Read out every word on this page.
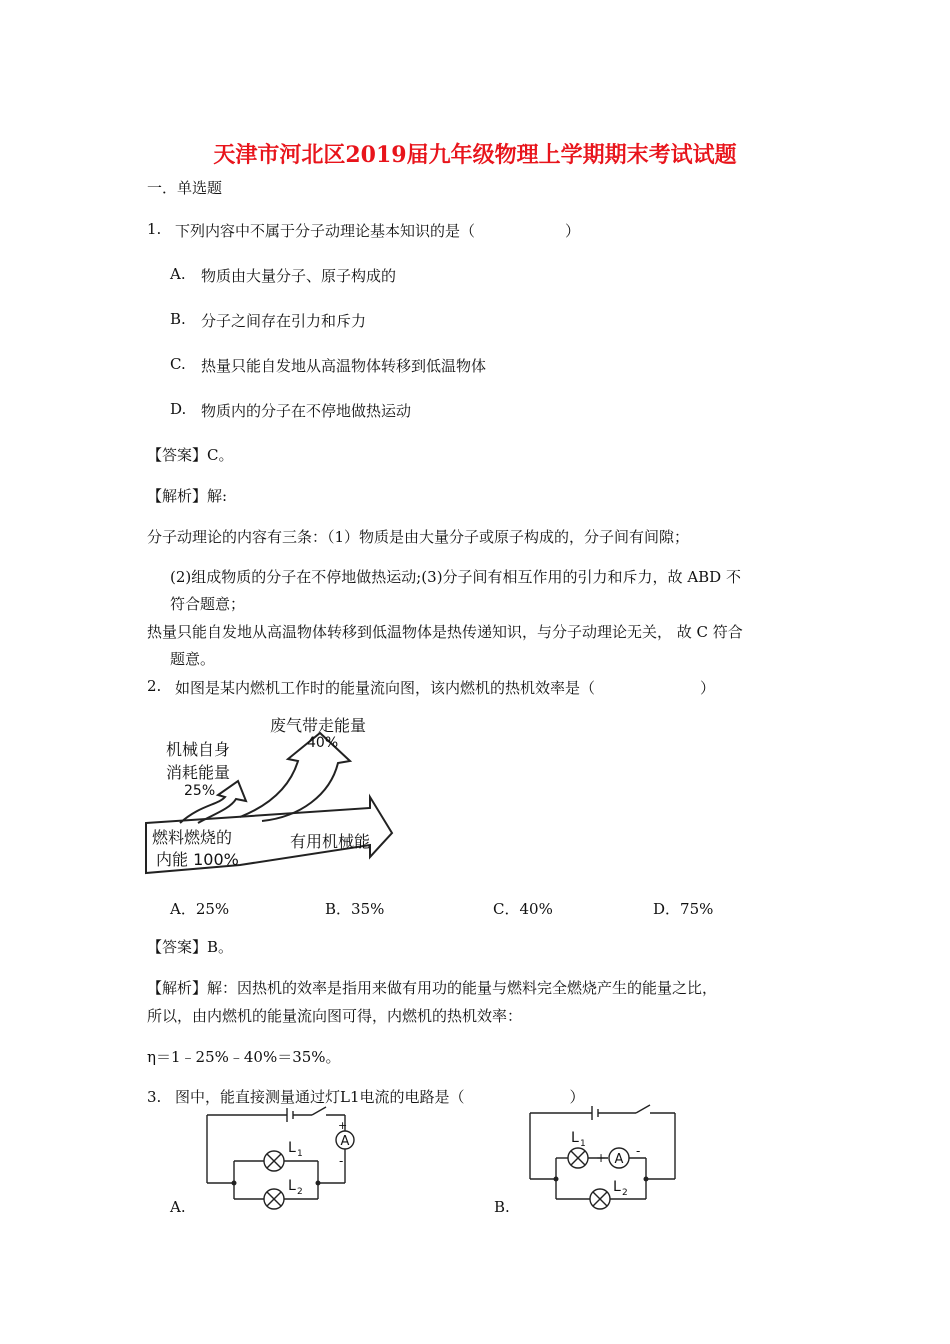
天津市河北区2019届九年级物理上学期期末考试试题
一．单选题
1. 下列内容中不属于分子动理论基本知识的是（　　　　　　）
A. 物质由大量分子、原子构成的
B. 分子之间存在引力和斥力
C. 热量只能自发地从高温物体转移到低温物体
D. 物质内的分子在不停地做热运动
【答案】C。
【解析】解:
分子动理论的内容有三条：（1）物质是由大量分子或原子构成的，分子间有间隙；
(2)组成物质的分子在不停地做热运动;(3)分子间有相互作用的引力和斥力，故 ABD 不
符合题意；
热量只能自发地从高温物体转移到低温物体是热传递知识，与分子动理论无关， 故 C 符合
题意。
2. 如图是某内燃机工作时的能量流向图，该内燃机的热机效率是（　　　　　　　）
废气带走能量
40%
机械自身
消耗能量
25%
燃料燃烧的
内能 100%
有用机械能
A．25%	B．35%	C．40%	D．75%
【答案】B。
【解析】解：因热机的效率是指用来做有用功的能量与燃料完全燃烧产生的能量之比，
所以，由内燃机的能量流向图可得，内燃机的热机效率：
η＝1﹣25%﹣40%＝35%。
3. 图中，能直接测量通过灯L1电流的电路是（　　　　　　　）
A
+
-
L 1
L 2
A.
A
+ -
L 1
L 2
B.
